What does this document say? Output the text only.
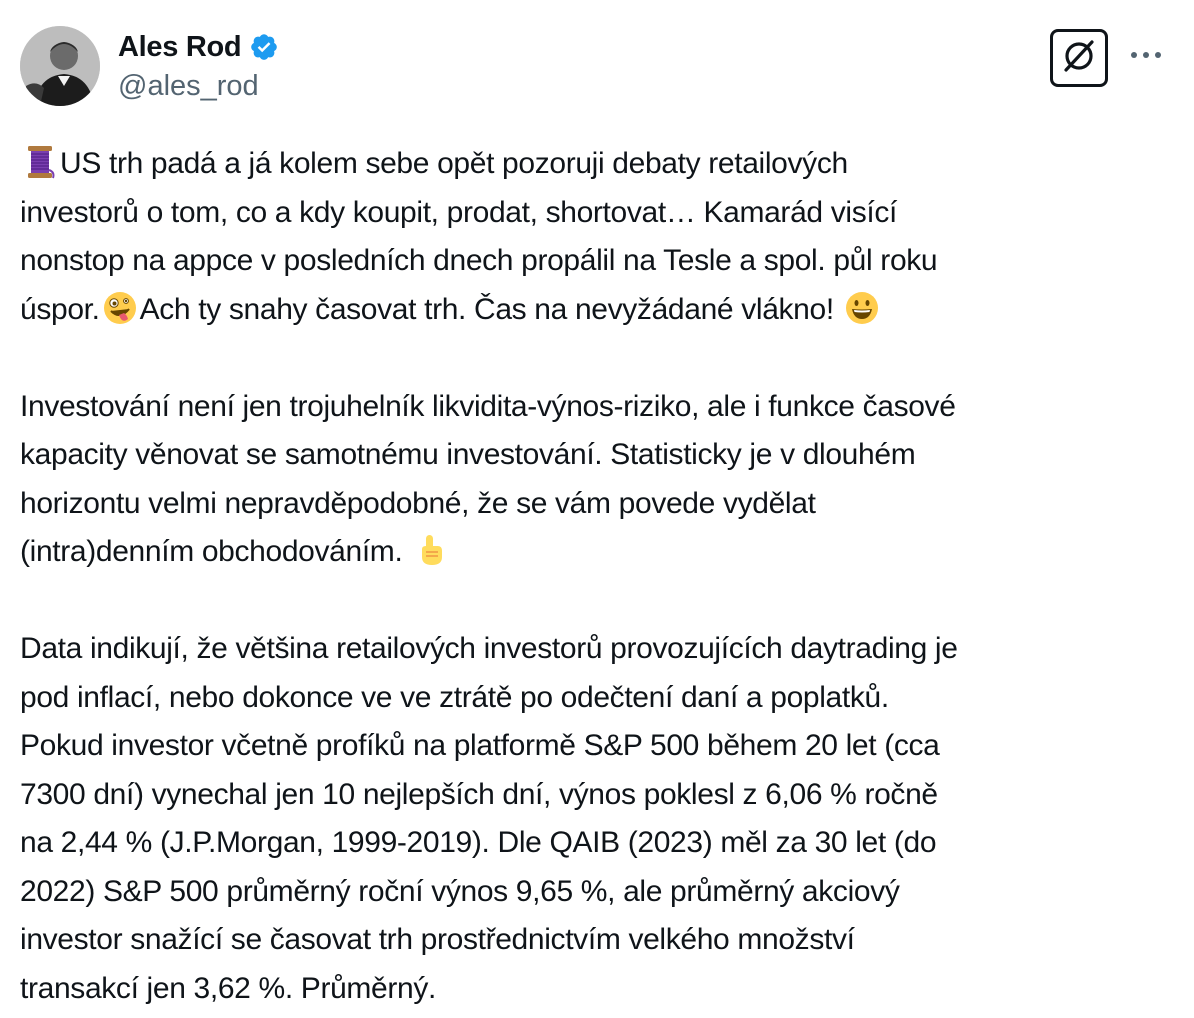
Ales Rod
@ales_rod
US trh padá a já kolem sebe opět pozoruji debaty retailových
investorů o tom, co a kdy koupit, prodat, shortovat… Kamarád visící
nonstop na appce v posledních dnech propálil na Tesle a spol. půl roku
úspor. Ach ty snahy časovat trh. Čas na nevyžádané vlákno!
Investování není jen trojuhelník likvidita-výnos-riziko, ale i funkce časové
kapacity věnovat se samotnému investování. Statisticky je v dlouhém
horizontu velmi nepravděpodobné, že se vám povede vydělat
(intra)denním obchodováním.
Data indikují, že většina retailových investorů provozujících daytrading je
pod inflací, nebo dokonce ve ve ztrátě po odečtení daní a poplatků.
Pokud investor včetně profíků na platformě S&P 500 během 20 let (cca
7300 dní) vynechal jen 10 nejlepších dní, výnos poklesl z 6,06 % ročně
na 2,44 % (J.P.Morgan, 1999-2019). Dle QAIB (2023) měl za 30 let (do
2022) S&P 500 průměrný roční výnos 9,65 %, ale průměrný akciový
investor snažící se časovat trh prostřednictvím velkého množství
transakcí jen 3,62 %. Průměrný.
